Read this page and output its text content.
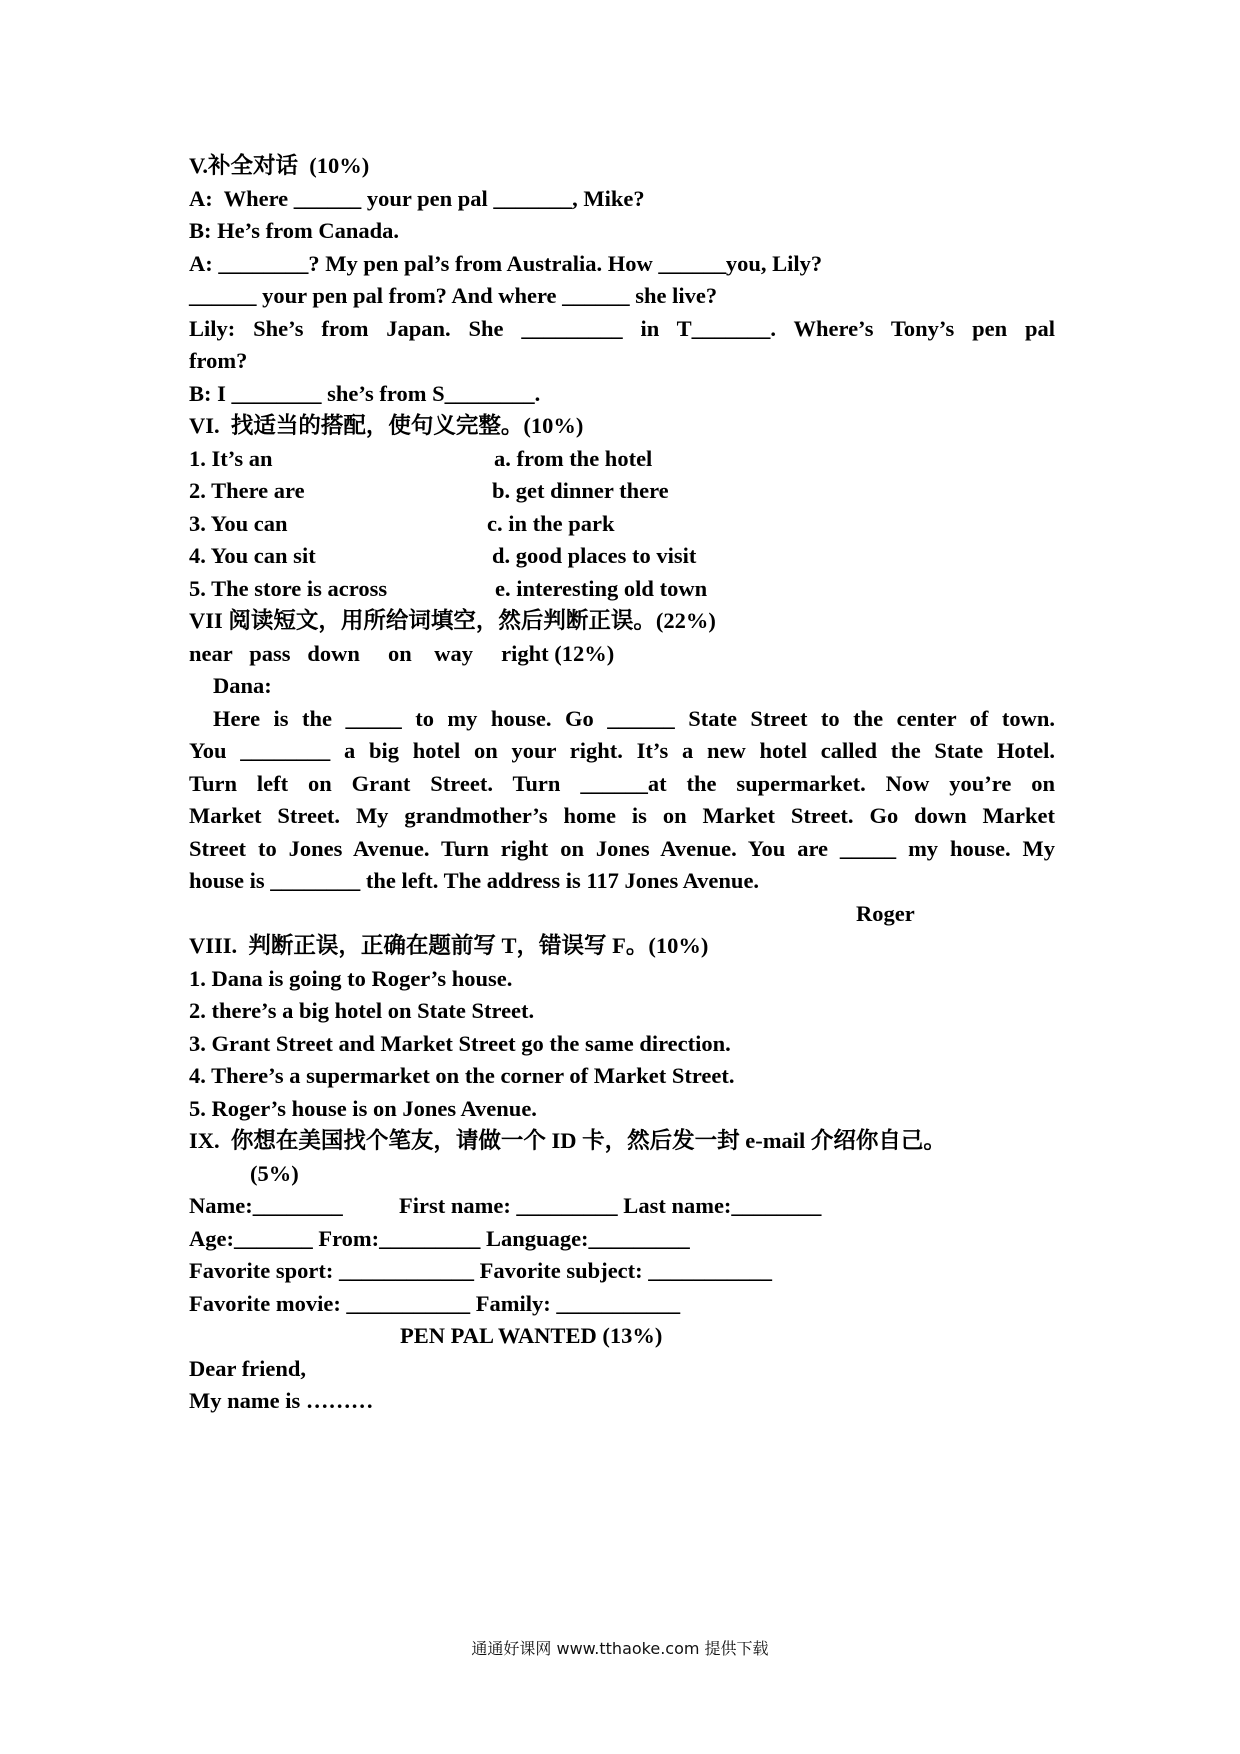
V.补全对话  (10%)
A:  Where ______ your pen pal _______, Mike?
B: He’s from Canada.
A: ________? My pen pal’s from Australia. How ______you, Lily?
______ your pen pal from? And where ______ she live?
Lily: She’s from Japan. She _________ in T_______. Where’s Tony’s pen pal
from?
B: I ________ she’s from S________.
VI.  找适当的搭配，使句义完整。(10%)
1. It’s an	a. from the hotel
2. There are	b. get dinner there
3. You can	c. in the park
4. You can sit	d. good places to visit
5. The store is across	e. interesting old town
VII 阅读短文，用所给词填空，然后判断正误。(22%)
near   pass   down     on    way     right (12%)
Dana:
Here is the _____ to my house. Go ______ State Street to the center of town.
You ________ a big hotel on your right. It’s a new hotel called the State Hotel.
Turn left on Grant Street. Turn ______at the supermarket. Now you’re on
Market Street. My grandmother’s home is on Market Street. Go down Market
Street to Jones Avenue. Turn right on Jones Avenue. You are _____ my house. My
house is ________ the left. The address is 117 Jones Avenue.
Roger
VIII.  判断正误，正确在题前写 T，错误写 F。(10%)
1. Dana is going to Roger’s house.
2. there’s a big hotel on State Street.
3. Grant Street and Market Street go the same direction.
4. There’s a supermarket on the corner of Market Street.
5. Roger’s house is on Jones Avenue.
IX.  你想在美国找个笔友，请做一个 ID 卡，然后发一封 e-mail 介绍你自己。
(5%)
Name:________          First name: _________ Last name:________
Age:_______ From:_________ Language:_________
Favorite sport: ____________ Favorite subject: ___________
Favorite movie: ___________ Family: ___________
PEN PAL WANTED (13%)
Dear friend,
My name is ………
通通好课网 www.tthaoke.com 提供下载
